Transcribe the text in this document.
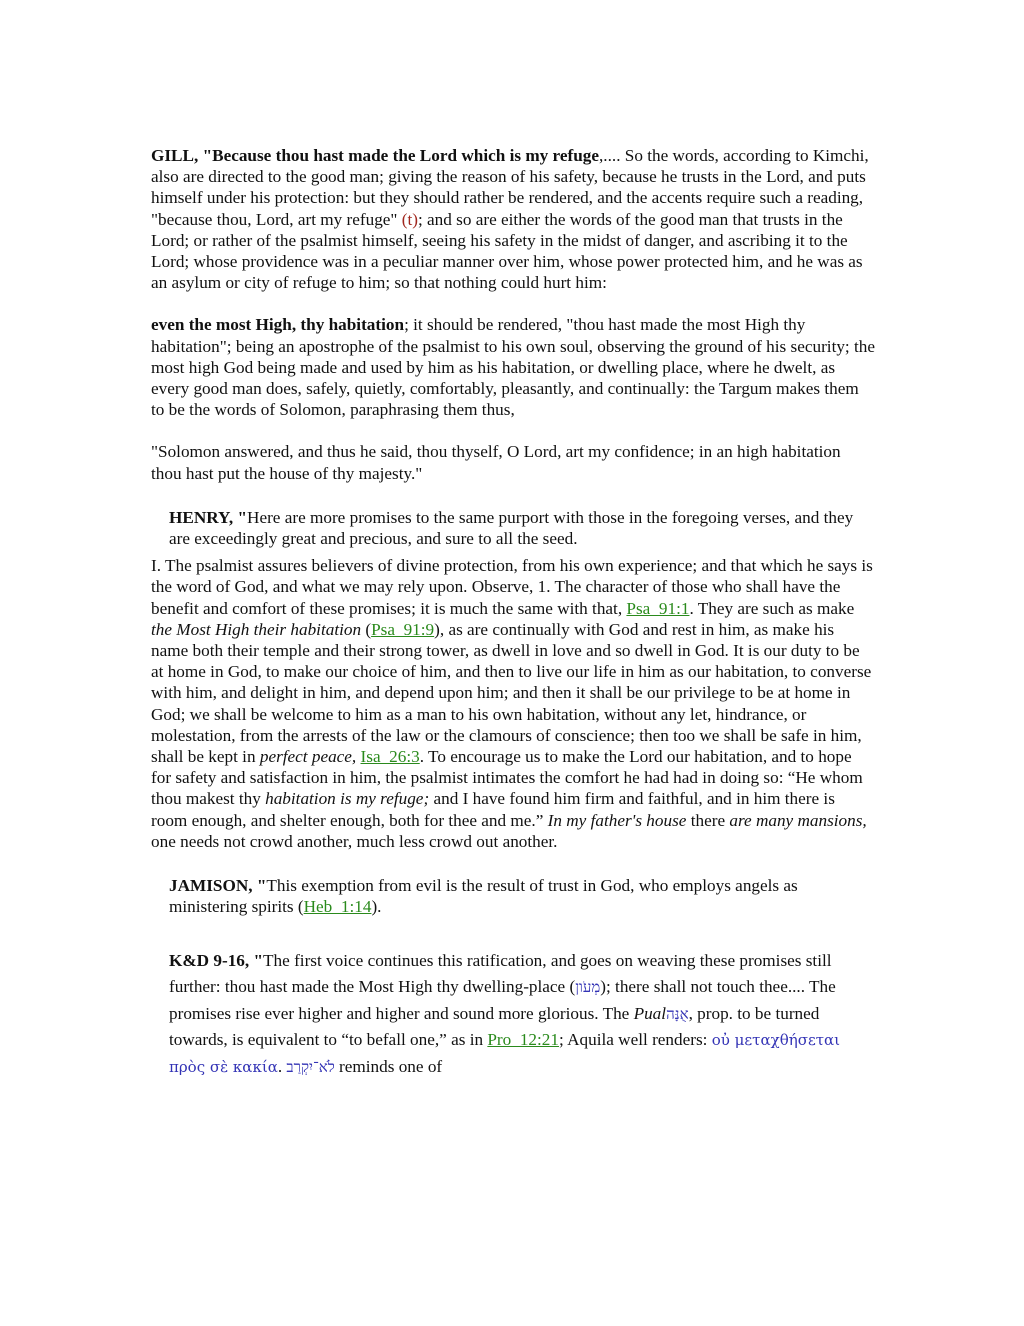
GILL, "Because thou hast made the Lord which is my refuge,.... So the words, according to Kimchi, also are directed to the good man; giving the reason of his safety, because he trusts in the Lord, and puts himself under his protection: but they should rather be rendered, and the accents require such a reading, "because thou, Lord, art my refuge" (t); and so are either the words of the good man that trusts in the Lord; or rather of the psalmist himself, seeing his safety in the midst of danger, and ascribing it to the Lord; whose providence was in a peculiar manner over him, whose power protected him, and he was as an asylum or city of refuge to him; so that nothing could hurt him:

even the most High, thy habitation; it should be rendered, "thou hast made the most High thy habitation"; being an apostrophe of the psalmist to his own soul, observing the ground of his security; the most high God being made and used by him as his habitation, or dwelling place, where he dwelt, as every good man does, safely, quietly, comfortably, pleasantly, and continually: the Targum makes them to be the words of Solomon, paraphrasing them thus,

"Solomon answered, and thus he said, thou thyself, O Lord, art my confidence; in an high habitation thou hast put the house of thy majesty."

HENRY, "Here are more promises to the same purport with those in the foregoing verses, and they are exceedingly great and precious, and sure to all the seed.

I. The psalmist assures believers of divine protection, from his own experience; and that which he says is the word of God, and what we may rely upon. Observe, 1. The character of those who shall have the benefit and comfort of these promises; it is much the same with that, Psa_91:1. They are such as make the Most High their habitation (Psa_91:9), as are continually with God and rest in him, as make his name both their temple and their strong tower, as dwell in love and so dwell in God. It is our duty to be at home in God, to make our choice of him, and then to live our life in him as our habitation, to converse with him, and delight in him, and depend upon him; and then it shall be our privilege to be at home in God; we shall be welcome to him as a man to his own habitation, without any let, hindrance, or molestation, from the arrests of the law or the clamours of conscience; then too we shall be safe in him, shall be kept in perfect peace, Isa_26:3. To encourage us to make the Lord our habitation, and to hope for safety and satisfaction in him, the psalmist intimates the comfort he had had in doing so: “He whom thou makest thy habitation is my refuge; and I have found him firm and faithful, and in him there is room enough, and shelter enough, both for thee and me.” In my father's house there are many mansions, one needs not crowd another, much less crowd out another.

JAMISON, "This exemption from evil is the result of trust in God, who employs angels as ministering spirits (Heb_1:14).

K&D 9-16, "The first voice continues this ratification, and goes on weaving these promises still further: thou hast made the Most High thy dwelling-place (מְעֹון); there shall not touch thee.... The promises rise ever higher and higher and sound more glorious. The Pualאֻנָּה, prop. to be turned towards, is equivalent to “to befall one,” as in Pro_12:21; Aquila well renders: οὐ μεταχθήσεται πρὸς σὲ κακία. לֹא־יִקְרַב reminds one of
